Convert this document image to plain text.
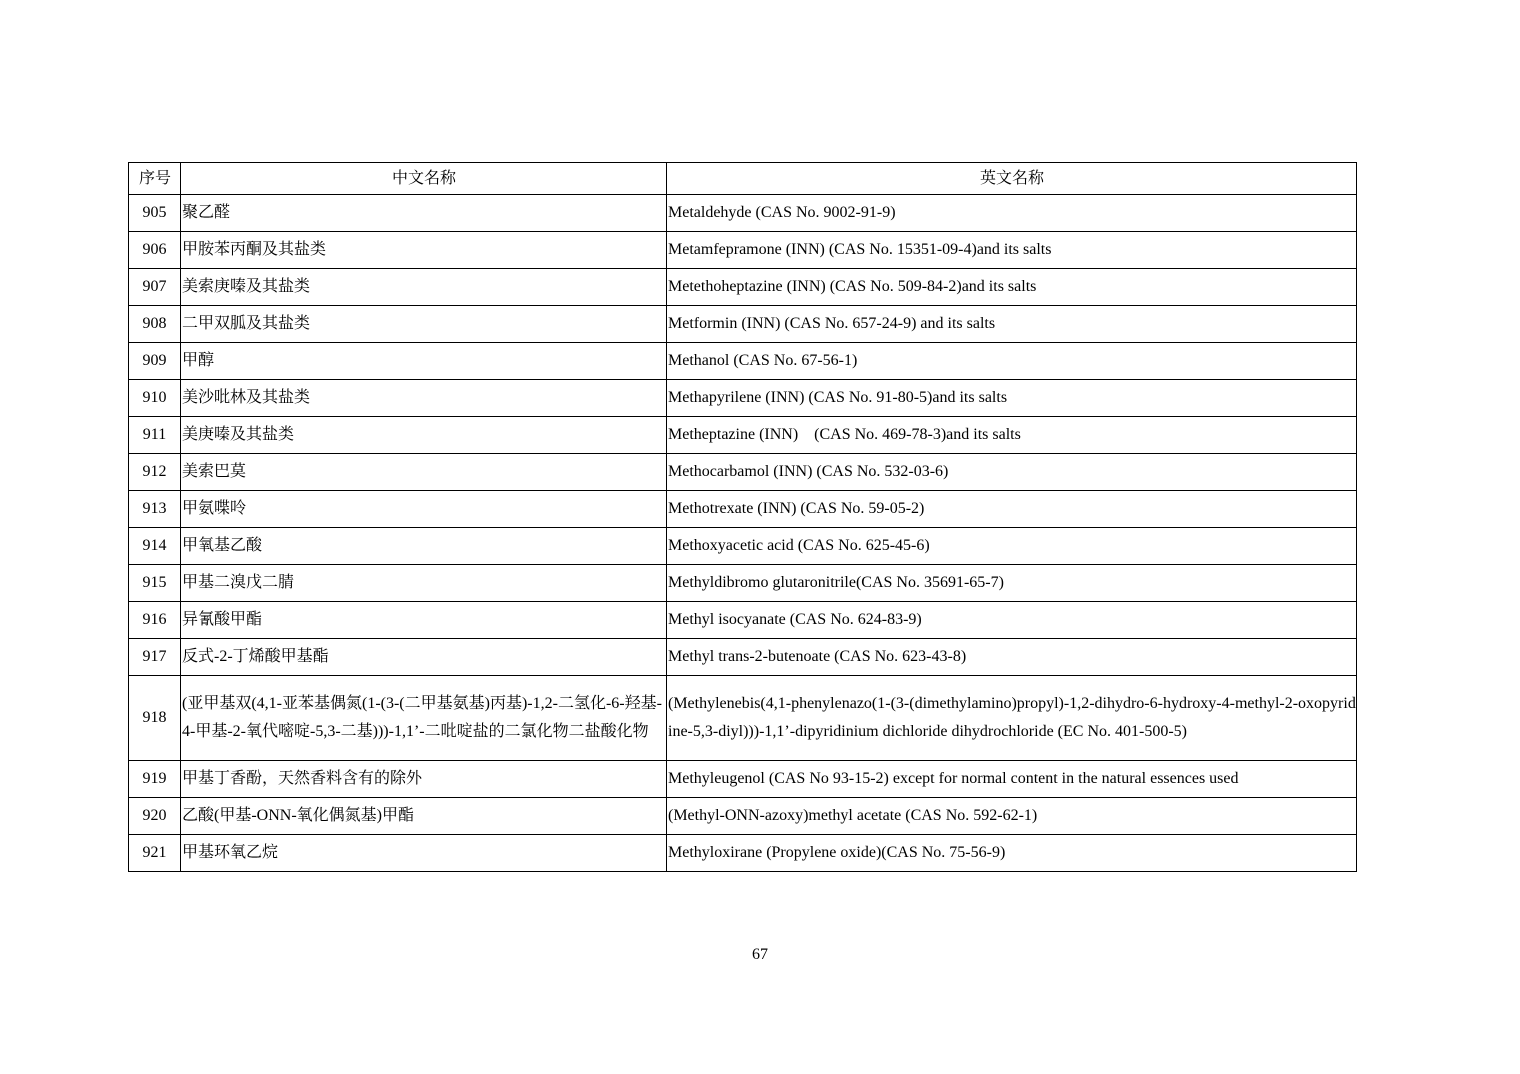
序号	中文名称	英文名称
905	聚乙醛	Metaldehyde (CAS No. 9002-91-9)
906	甲胺苯丙酮及其盐类	Metamfepramone (INN) (CAS No. 15351-09-4)and its salts
907	美索庚嗪及其盐类	Metethoheptazine (INN) (CAS No. 509-84-2)and its salts
908	二甲双胍及其盐类	Metformin (INN) (CAS No. 657-24-9) and its salts
909	甲醇	Methanol (CAS No. 67-56-1)
910	美沙吡林及其盐类	Methapyrilene (INN) (CAS No. 91-80-5)and its salts
911	美庚嗪及其盐类	Metheptazine (INN)    (CAS No. 469-78-3)and its salts
912	美索巴莫	Methocarbamol (INN) (CAS No. 532-03-6)
913	甲氨喋呤	Methotrexate (INN) (CAS No. 59-05-2)
914	甲氧基乙酸	Methoxyacetic acid (CAS No. 625-45-6)
915	甲基二溴戊二腈	Methyldibromo glutaronitrile(CAS No. 35691-65-7)
916	异氰酸甲酯	Methyl isocyanate (CAS No. 624-83-9)
917	反式-2-丁烯酸甲基酯	Methyl trans-2-butenoate (CAS No. 623-43-8)
918	(亚甲基双(4,1-亚苯基偶氮(1-(3-(二甲基氨基)丙基)-1,2-二氢化-6-羟基-4-甲基-2-氧代嘧啶-5,3-二基)))-1,1’-二吡啶盐的二氯化物二盐酸化物	(Methylenebis(4,1-phenylenazo(1-(3-(dimethylamino)propyl)-1,2-dihydro-6-hydroxy-4-methyl-2-oxopyridine-5,3-diyl)))-1,1’-dipyridinium dichloride dihydrochloride (EC No. 401-500-5)
919	甲基丁香酚，天然香料含有的除外	Methyleugenol (CAS No 93-15-2) except for normal content in the natural essences used
920	乙酸(甲基-ONN-氧化偶氮基)甲酯	(Methyl-ONN-azoxy)methyl acetate (CAS No. 592-62-1)
921	甲基环氧乙烷	Methyloxirane (Propylene oxide)(CAS No. 75-56-9)
67
